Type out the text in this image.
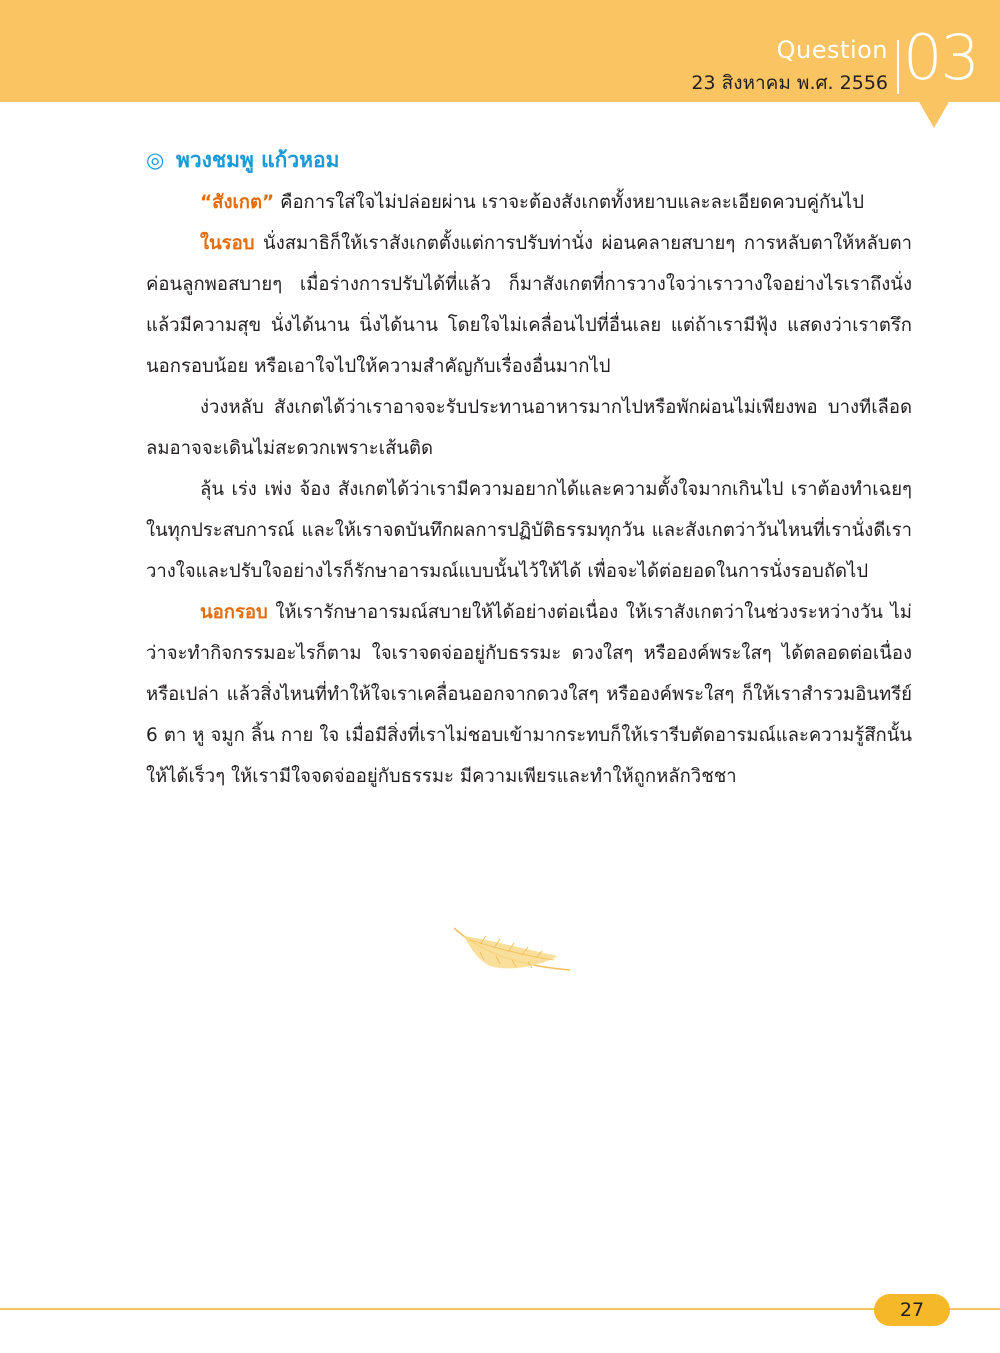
Question
23 สิงหาคม พ.ศ. 2556 03
◎ พวงชมพู แก้วหอม

“สังเกต” คือการใส่ใจไม่ปล่อยผ่าน เราจะต้องสังเกตทั้งหยาบและละเอียดควบคู่กันไป

ในรอบ นั่งสมาธิก็ให้เราสังเกตตั้งแต่การปรับท่านั่ง ผ่อนคลายสบายๆ การหลับตาให้หลับตาค่อนลูกพอสบายๆ เมื่อร่างการปรับได้ที่แล้ว ก็มาสังเกตที่การวางใจว่าเราวางใจอย่างไรเราถึงนั่งแล้วมีความสุข นั่งได้นาน นิ่งได้นาน โดยใจไม่เคลื่อนไปที่อื่นเลย แต่ถ้าเรามีฟุ้ง แสดงว่าเราตรึกนอกรอบน้อย หรือเอาใจไปให้ความสำคัญกับเรื่องอื่นมากไป

ง่วงหลับ สังเกตได้ว่าเราอาจจะรับประทานอาหารมากไปหรือพักผ่อนไม่เพียงพอ บางทีเลือดลมอาจจะเดินไม่สะดวกเพราะเส้นติด

ลุ้น เร่ง เพ่ง จ้อง สังเกตได้ว่าเรามีความอยากได้และความตั้งใจมากเกินไป เราต้องทำเฉยๆ ในทุกประสบการณ์ และให้เราจดบันทึกผลการปฏิบัติธรรมทุกวัน และสังเกตว่าวันไหนที่เรานั่งดีเราวางใจและปรับใจอย่างไรก็รักษาอารมณ์แบบนั้นไว้ให้ได้ เพื่อจะได้ต่อยอดในการนั่งรอบถัดไป

นอกรอบ ให้เรารักษาอารมณ์สบายให้ได้อย่างต่อเนื่อง ให้เราสังเกตว่าในช่วงระหว่างวัน ไม่ว่าจะทำกิจกรรมอะไรก็ตาม ใจเราจดจ่ออยู่กับธรรมะ ดวงใสๆ หรือองค์พระใสๆ ได้ตลอดต่อเนื่องหรือเปล่า แล้วสิ่งไหนที่ทำให้ใจเราเคลื่อนออกจากดวงใสๆ หรือองค์พระใสๆ ก็ให้เราสำรวมอินทรีย์ 6 ตา หู จมูก ลิ้น กาย ใจ เมื่อมีสิ่งที่เราไม่ชอบเข้ามากระทบก็ให้เรารีบตัดอารมณ์และความรู้สึกนั้นให้ได้เร็วๆ ให้เรามีใจจดจ่ออยู่กับธรรมะ มีความเพียรและทำให้ถูกหลักวิชชา

27
